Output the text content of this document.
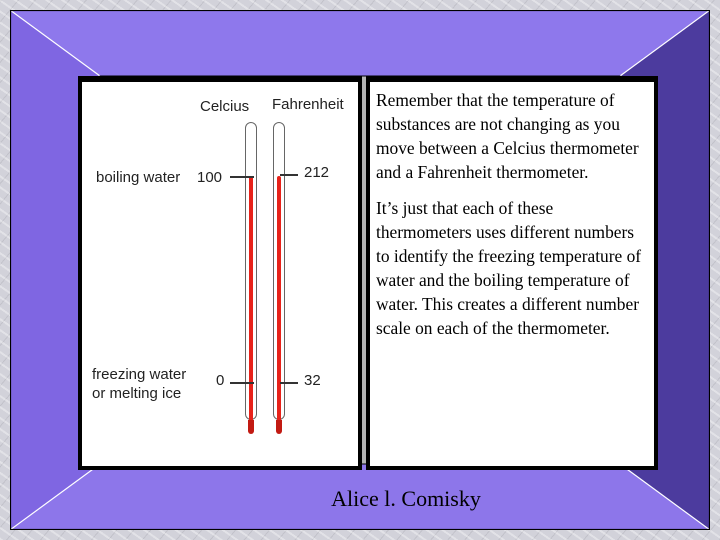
Celcius Fahrenheit
boiling water 100	212
freezing water
or melting ice
0	32

Remember that the temperature of substances are not changing as you move between a Celcius thermometer and a Fahrenheit thermometer.

It’s just that each of these thermometers uses different numbers to identify the freezing temperature of water and the boiling temperature of water. This creates a different number scale on each of the thermometer.

Alice l. Comisky
